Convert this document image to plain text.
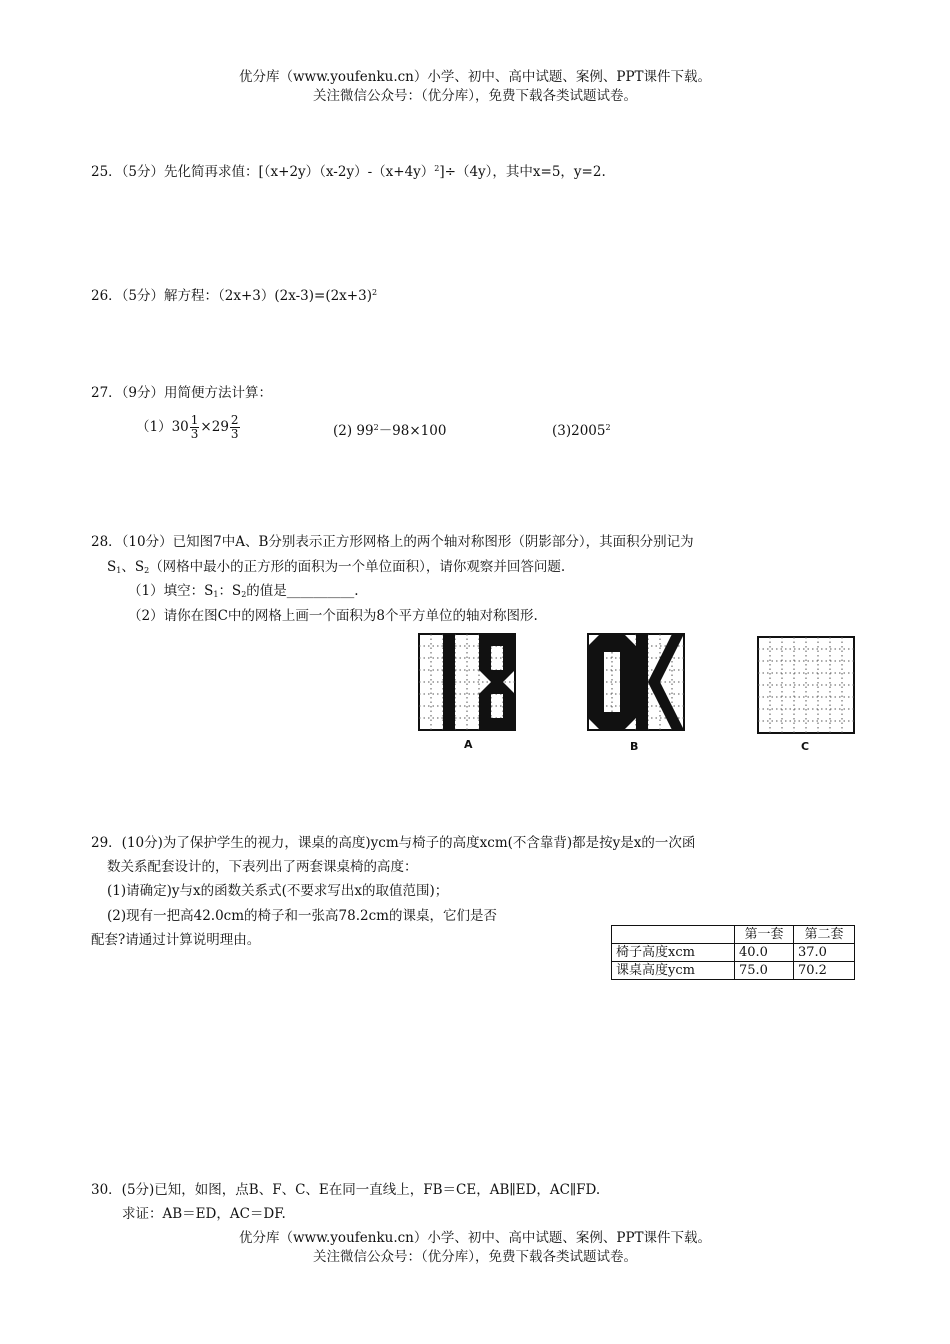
优分库（www.youfenku.cn）小学、初中、高中试题、案例、PPT课件下载。
关注微信公众号：（优分库），免费下载各类试题试卷。
25．（5分）先化简再求值：$[(x+2y)(x-2y)-(x+4y)^2]\div(4y)$，其中x=5，y=2.
26．（5分）解方程：$(2x+3)(2x-3)=(2x+3)^2$
27．（9分）用简便方法计算：
$(1)30 \frac{1}{3} \times 29 \frac{2}{3}$	(2) $99^2-98\times 100$	(3)2005$^2$
28．（10分）已知图7中A、B分别表示正方形网格上的两个轴对称图形（阴影部分），其面积分别记为
$S_1$、$S_2$（网格中最小的正方形的面积为一个单位面积），请你观察并回答问题.
（1）填空：$S_1$：$S_2$的值是__________.
（2）请你在图C中的网格上画一个面积为8个平方单位的轴对称图形.
A	B	C
29．(10分)为了保护学生的视力，课桌的高度)ycm与椅子的高度xcm(不含靠背)都是按y是x的一次函
数关系配套设计的，下表列出了两套课桌椅的高度：
(1)请确定)y与x的函数关系式(不要求写出x的取值范围)；
(2)现有一把高42.0cm的椅子和一张高78.2cm的课桌，它们是否
配套?请通过计算说明理由。
		第一套	第二套
椅子高度xcm	40.0	37.0
课桌高度ycm	75.0	70.2
30．(5分)已知，如图，点B、F、C、E在同一直线上，FB＝CE，AB∥ED，AC∥FD.
求证：AB＝ED，AC＝DF.
优分库（www.youfenku.cn）小学、初中、高中试题、案例、PPT课件下载。
关注微信公众号：（优分库），免费下载各类试题试卷。
